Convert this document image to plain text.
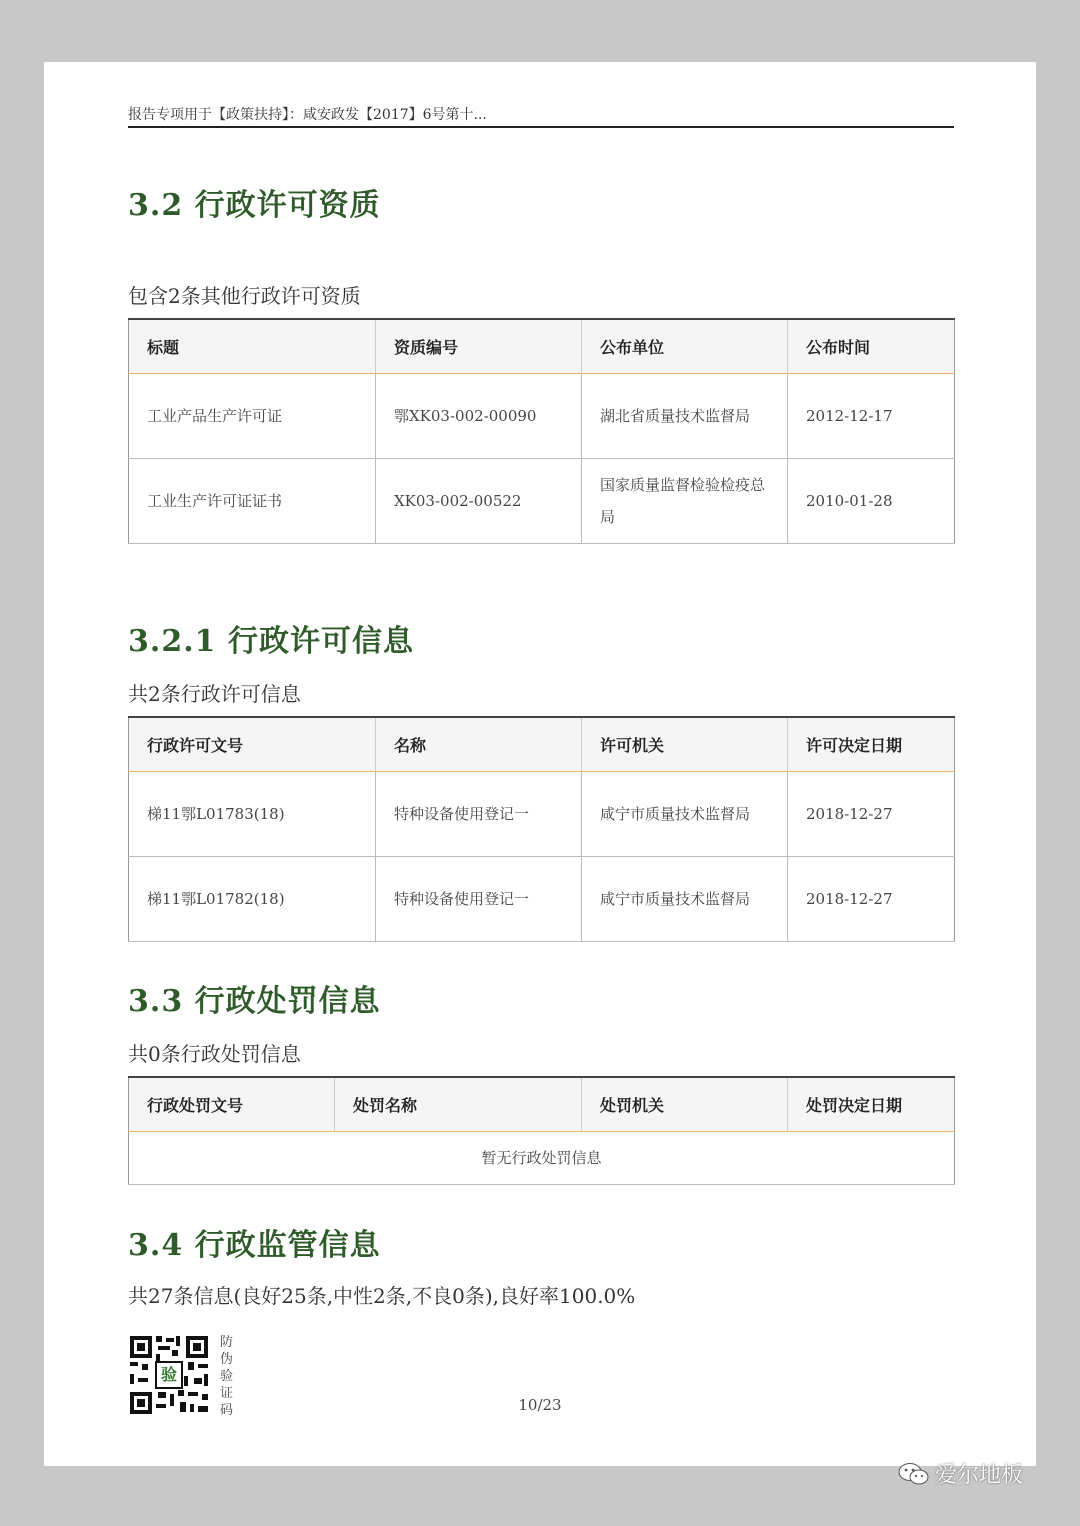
报告专项用于【政策扶持】：咸安政发【2017】6号第十...
3.2 行政许可资质
包含2条其他行政许可资质
标题	资质编号	公布单位	公布时间
工业产品生产许可证	鄂XK03-002-00090	湖北省质量技术监督局	2012-12-17
工业生产许可证证书	XK03-002-00522	国家质量监督检验检疫总局	2010-01-28
3.2.1 行政许可信息
共2条行政许可信息
行政许可文号	名称	许可机关	许可决定日期
梯11鄂L01783(18)	特种设备使用登记一	咸宁市质量技术监督局	2018-12-27
梯11鄂L01782(18)	特种设备使用登记一	咸宁市质量技术监督局	2018-12-27
3.3 行政处罚信息
共0条行政处罚信息
行政处罚文号	处罚名称	处罚机关	处罚决定日期
暂无行政处罚信息
3.4 行政监管信息
共27条信息(良好25条,中性2条,不良0条),良好率100.0%
验
防伪验证码	10/23
爱尔地板
